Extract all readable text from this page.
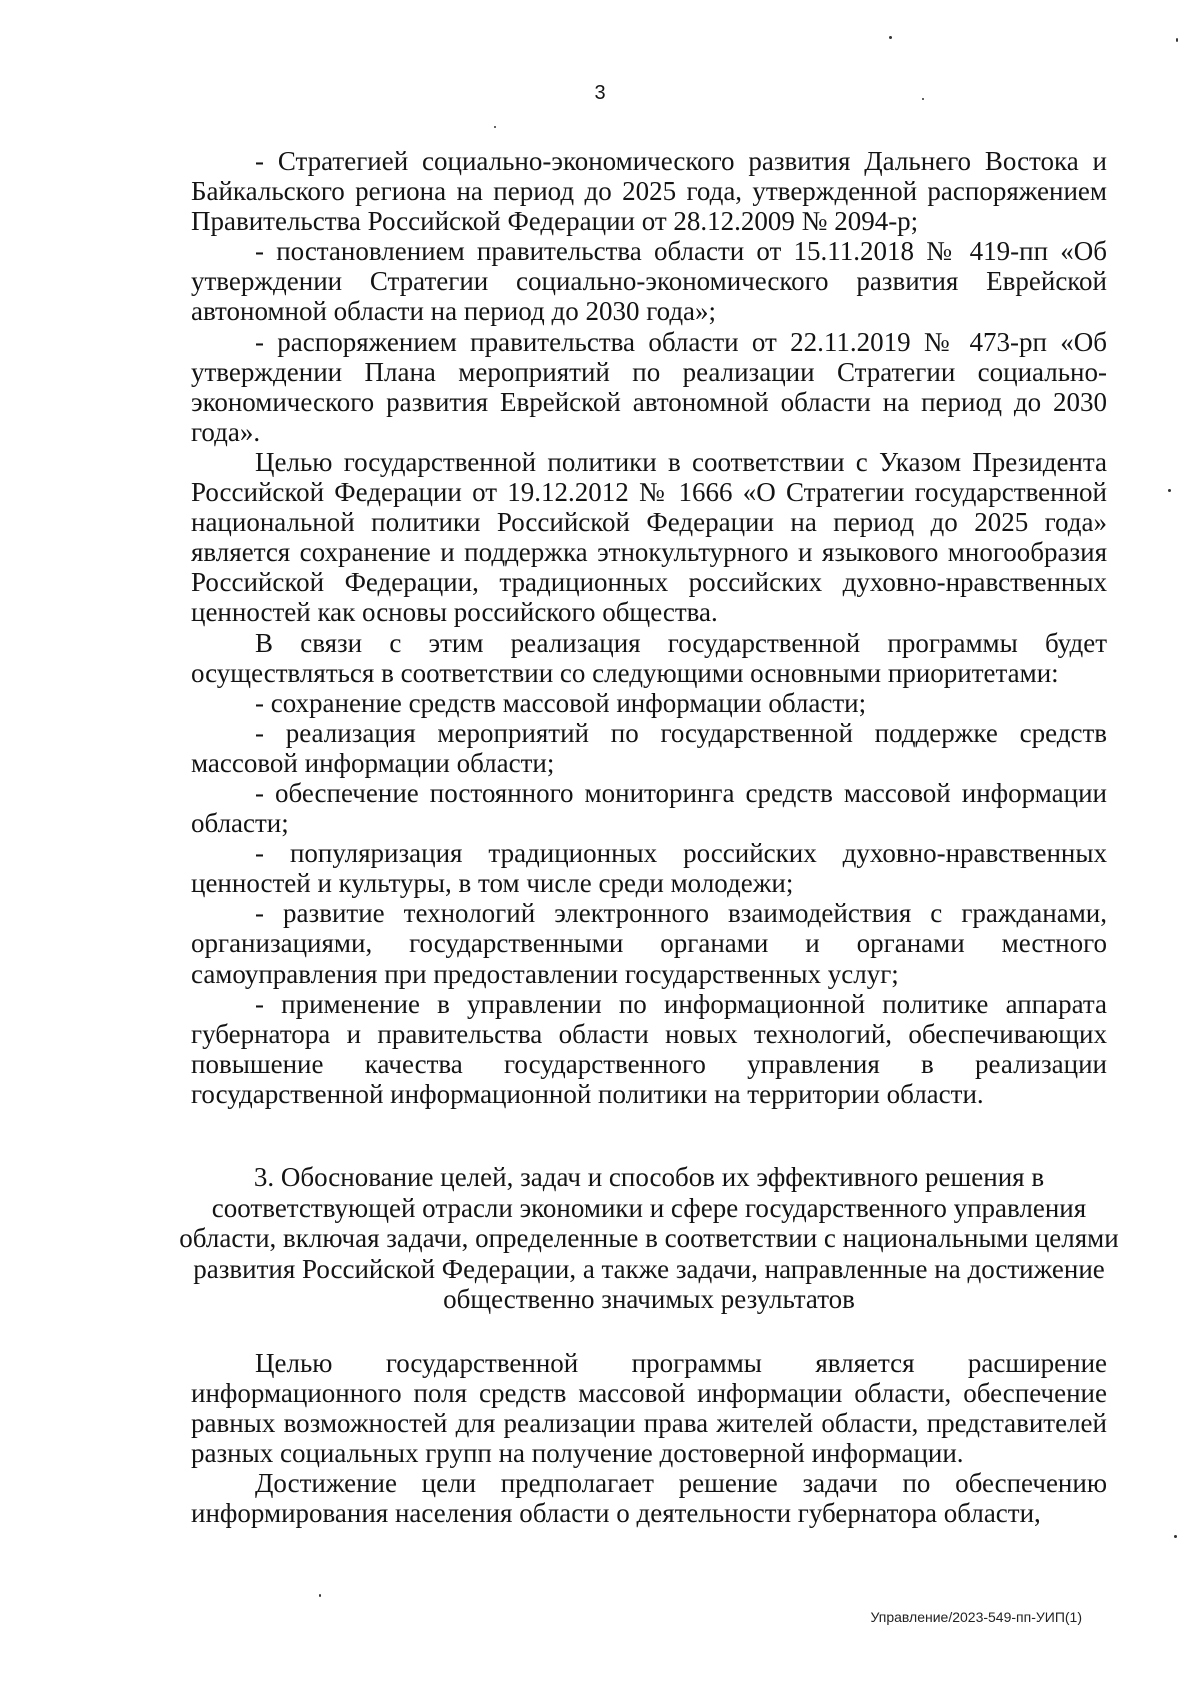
3

- Стратегией социально-экономического развития Дальнего Востока и Байкальского региона на период до 2025 года, утвержденной распоряжением Правительства Российской Федерации от 28.12.2009 № 2094-р;

- постановлением правительства области от 15.11.2018 № 419-пп «Об утверждении Стратегии социально-экономического развития Еврейской автономной области на период до 2030 года»;

- распоряжением правительства области от 22.11.2019 № 473-рп «Об утверждении Плана мероприятий по реализации Стратегии социально-экономического развития Еврейской автономной области на период до 2030 года».

Целью государственной политики в соответствии с Указом Президента Российской Федерации от 19.12.2012 № 1666 «О Стратегии государственной национальной политики Российской Федерации на период до 2025 года» является сохранение и поддержка этнокультурного и языкового многообразия Российской Федерации, традиционных российских духовно-нравственных ценностей как основы российского общества.

В связи с этим реализация государственной программы будет осуществляться в соответствии со следующими основными приоритетами:

- сохранение средств массовой информации области;

- реализация мероприятий по государственной поддержке средств массовой информации области;

- обеспечение постоянного мониторинга средств массовой информации области;

- популяризация традиционных российских духовно-нравственных ценностей и культуры, в том числе среди молодежи;

- развитие технологий электронного взаимодействия с гражданами, организациями, государственными органами и органами местного самоуправления при предоставлении государственных услуг;

- применение в управлении по информационной политике аппарата губернатора и правительства области новых технологий, обеспечивающих повышение качества государственного управления в реализации государственной информационной политики на территории области.

3. Обоснование целей, задач и способов их эффективного решения в соответствующей отрасли экономики и сфере государственного управления области, включая задачи, определенные в соответствии с национальными целями развития Российской Федерации, а также задачи, направленные на достижение общественно значимых результатов

Целью государственной программы является расширение информационного поля средств массовой информации области, обеспечение равных возможностей для реализации права жителей области, представителей разных социальных групп на получение достоверной информации.

Достижение цели предполагает решение задачи по обеспечению информирования населения области о деятельности губернатора области,

Управление/2023-549-пп-УИП(1)
